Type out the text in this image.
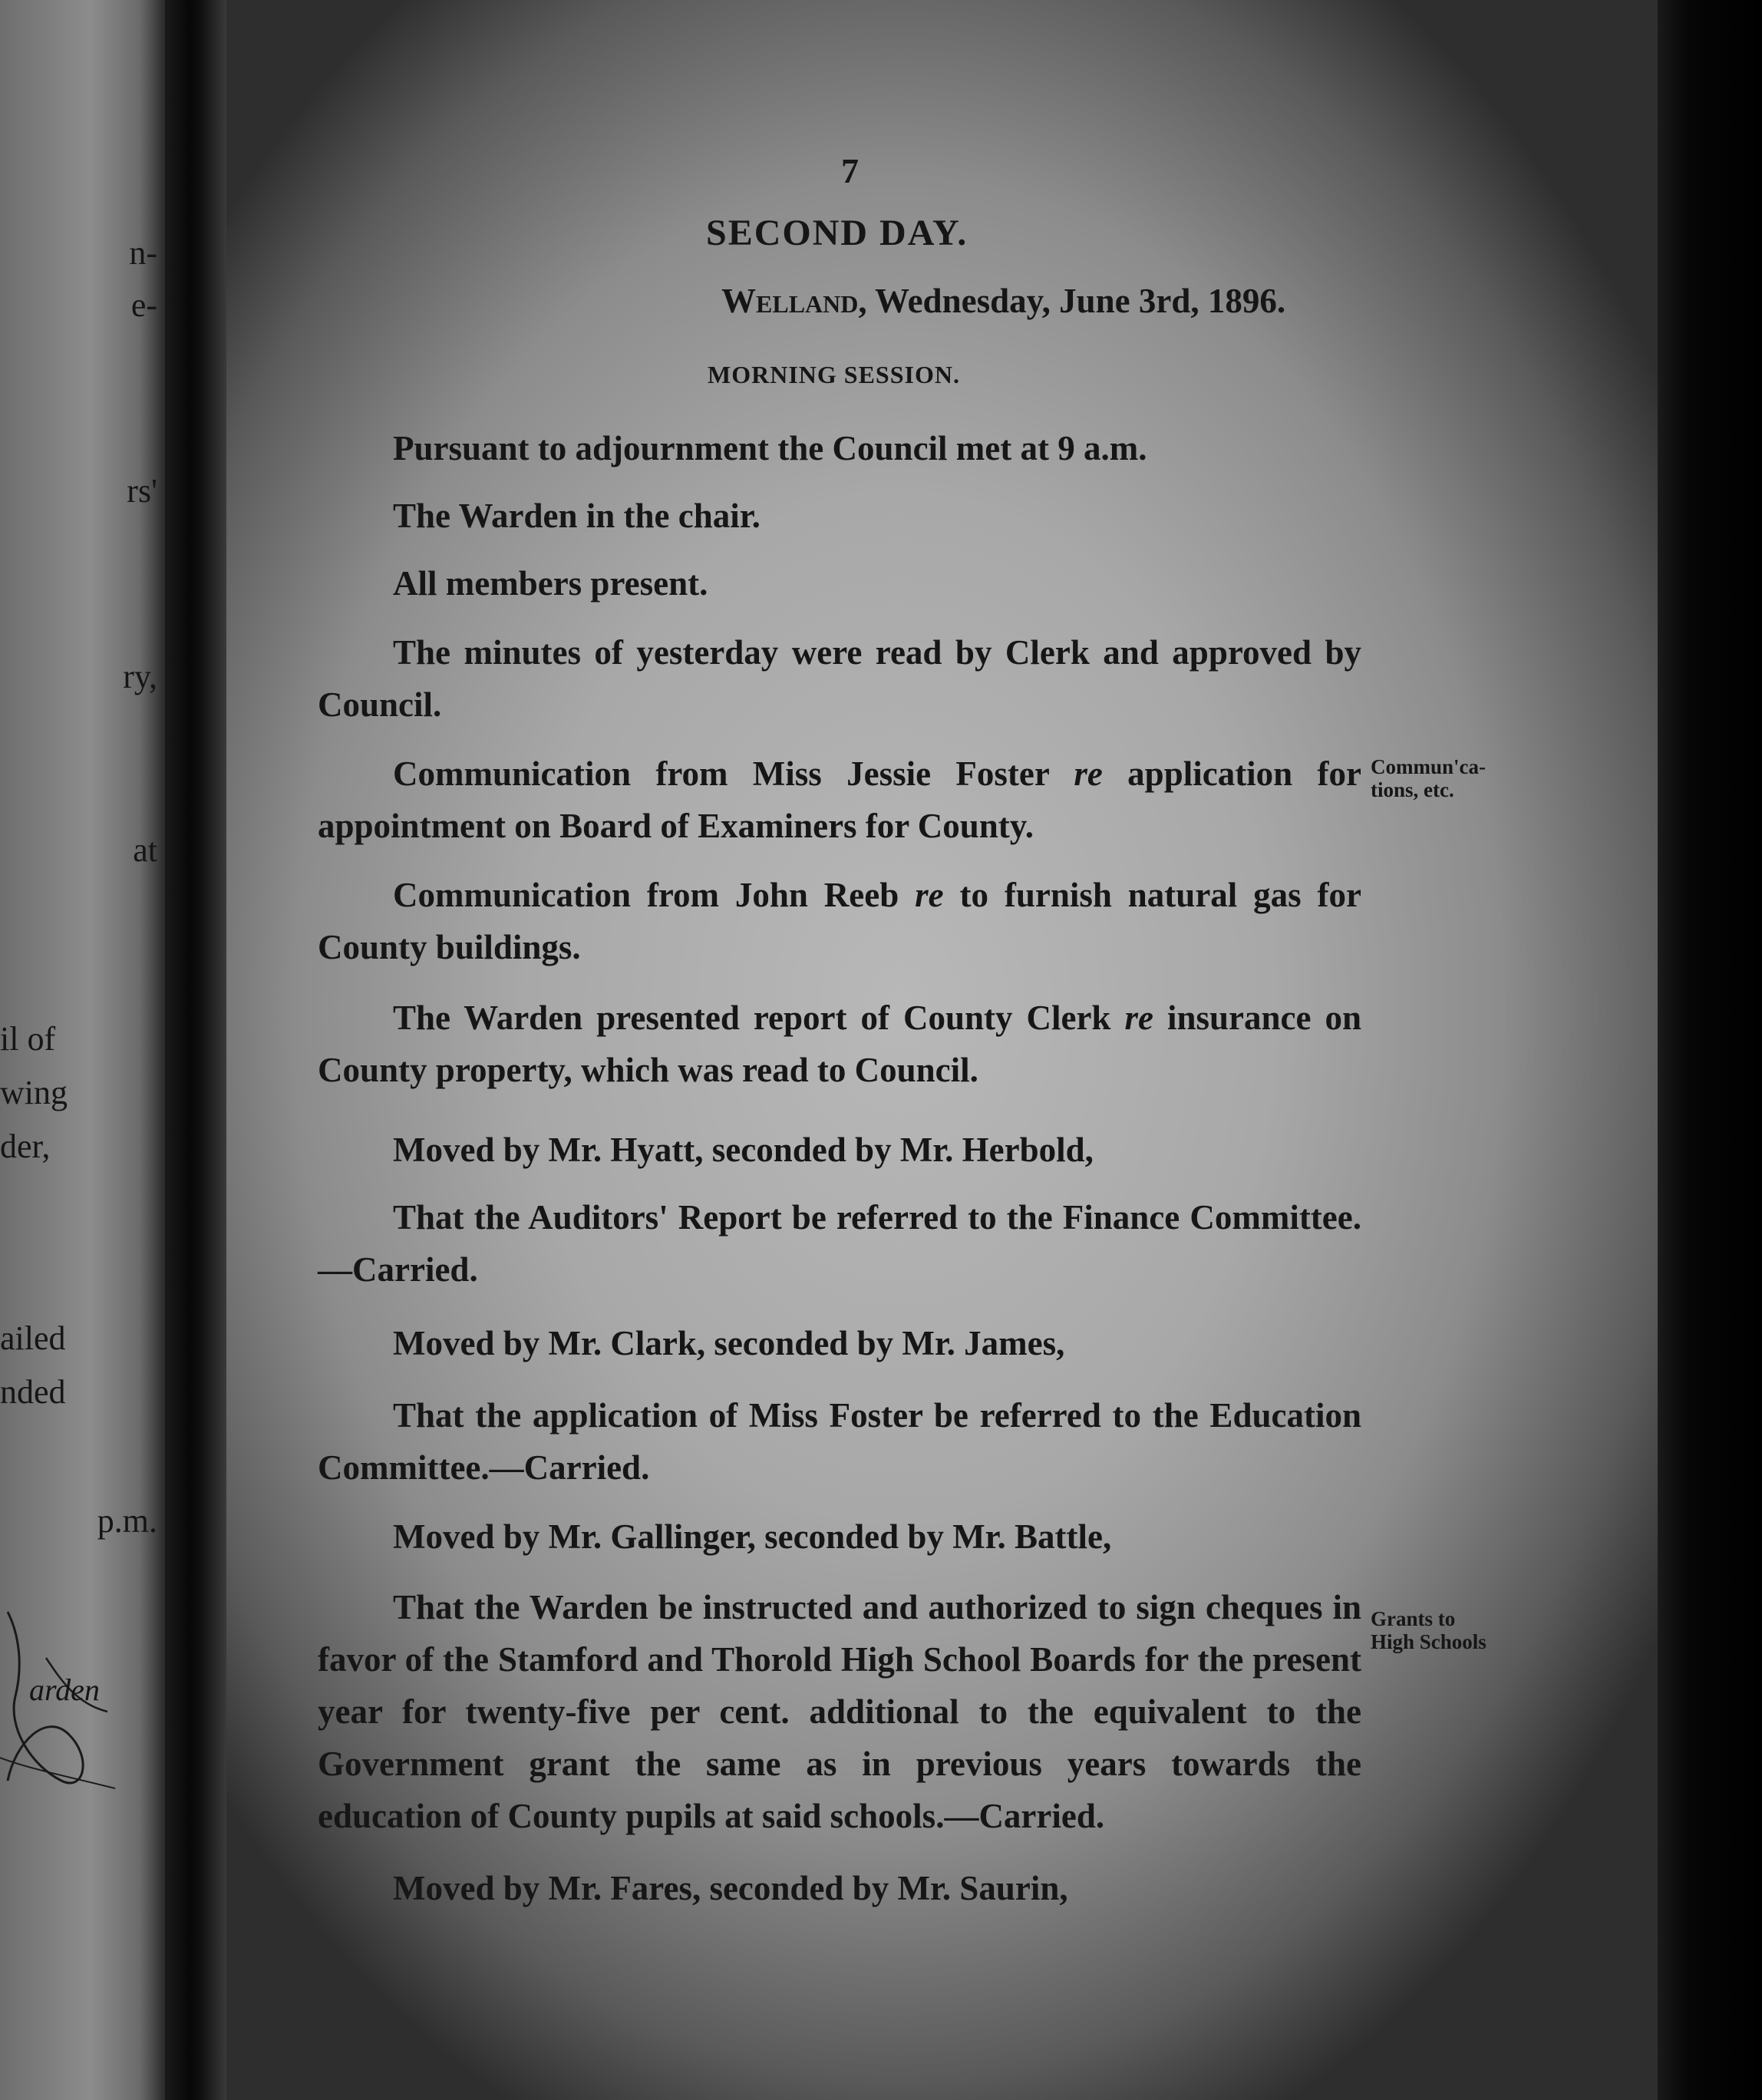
n-
e-
rs'
ry,
at
il of
wing
der,
ailed
nded
p.m.
arden
7
SECOND DAY.
Welland, Wednesday, June 3rd, 1896.
MORNING SESSION.

Pursuant to adjournment the Council met at 9 a.m.

The Warden in the chair.

All members present.

The minutes of yesterday were read by Clerk and approved by Council.

Communication from Miss Jessie Foster re application for appointment on Board of Examiners for County.

Communication from John Reeb re to furnish natural gas for County buildings.

The Warden presented report of County Clerk re insurance on County property, which was read to Council.

Moved by Mr. Hyatt, seconded by Mr. Herbold,

That the Auditors' Report be referred to the Finance Committee.—Carried.

Moved by Mr. Clark, seconded by Mr. James,

That the application of Miss Foster be referred to the Education Committee.—Carried.

Moved by Mr. Gallinger, seconded by Mr. Battle,

That the Warden be instructed and authorized to sign cheques in favor of the Stamford and Thorold High School Boards for the present year for twenty-five per cent. additional to the equivalent to the Government grant the same as in previous years towards the education of County pupils at said schools.—Carried.

Moved by Mr. Fares, seconded by Mr. Saurin,

Commun'ca-
tions, etc.
Grants to
High Schools
